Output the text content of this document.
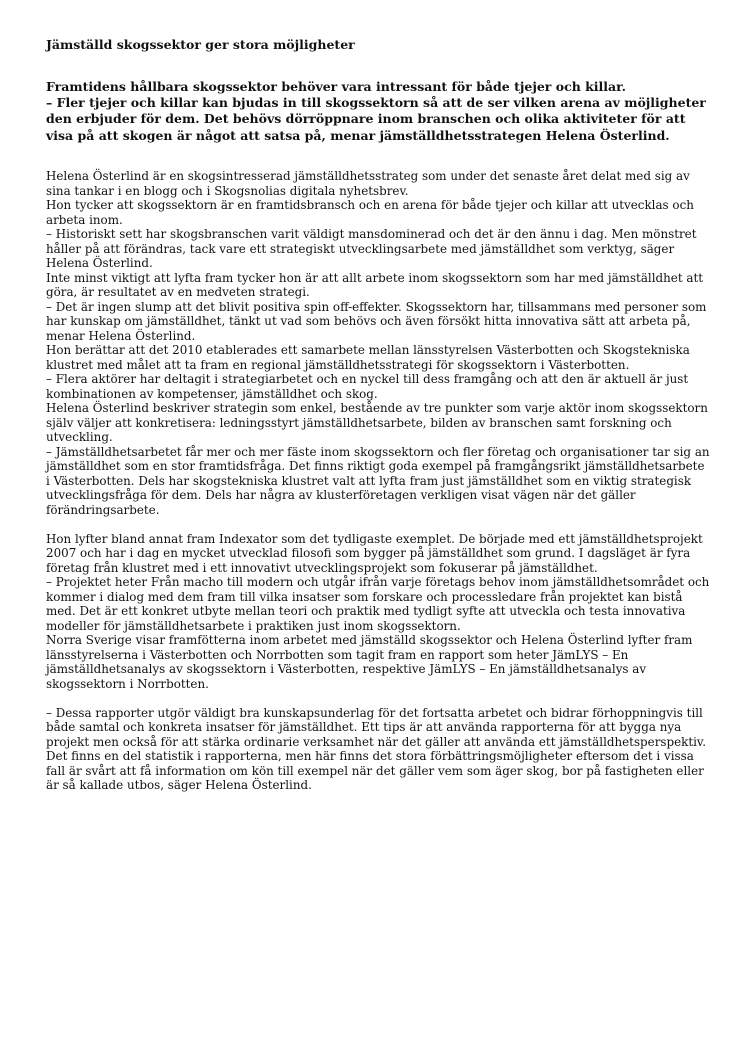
Jämställd skogssektor ger stora möjligheter

Framtidens hållbara skogssektor behöver vara intressant för både tjejer och killar.

– Fler tjejer och killar kan bjudas in till skogssektorn så att de ser vilken arena av möjligheter den erbjuder för dem. Det behövs dörröppnare inom branschen och olika aktiviteter för att visa på att skogen är något att satsa på, menar jämställdhetsstrategen Helena Österlind.

Helena Österlind är en skogsintresserad jämställdhetsstrateg som under det senaste året delat med sig av sina tankar i en blogg och i Skogsnolias digitala nyhetsbrev.

Hon tycker att skogssektorn är en framtidsbransch och en arena för både tjejer och killar att utvecklas och arbeta inom.

– Historiskt sett har skogsbranschen varit väldigt mansdominerad och det är den ännu i dag. Men mönstret håller på att förändras, tack vare ett strategiskt utvecklingsarbete med jämställdhet som verktyg, säger Helena Österlind.

Inte minst viktigt att lyfta fram tycker hon är att allt arbete inom skogssektorn som har med jämställdhet att göra, är resultatet av en medveten strategi.

– Det är ingen slump att det blivit positiva spin off-effekter. Skogssektorn har, tillsammans med personer som har kunskap om jämställdhet, tänkt ut vad som behövs och även försökt hitta innovativa sätt att arbeta på, menar Helena Österlind.

Hon berättar att det 2010 etablerades ett samarbete mellan länsstyrelsen Västerbotten och Skogstekniska klustret med målet att ta fram en regional jämställdhetsstrategi för skogssektorn i Västerbotten.

– Flera aktörer har deltagit i strategiarbetet och en nyckel till dess framgång och att den är aktuell är just kombinationen av kompetenser, jämställdhet och skog.

Helena Österlind beskriver strategin som enkel, bestående av tre punkter som varje aktör inom skogssektorn själv väljer att konkretisera: ledningsstyrt jämställdhetsarbete, bilden av branschen samt forskning och utveckling.

– Jämställdhetsarbetet får mer och mer fäste inom skogssektorn och fler företag och organisationer tar sig an jämställdhet som en stor framtidsfråga. Det finns riktigt goda exempel på framgångsrikt jämställdhetsarbete i Västerbotten. Dels har skogstekniska klustret valt att lyfta fram just jämställdhet som en viktig strategisk utvecklingsfråga för dem. Dels har några av klusterföretagen verkligen visat vägen när det gäller förändringsarbete.

Hon lyfter bland annat fram Indexator som det tydligaste exemplet. De började med ett jämställdhetsprojekt 2007 och har i dag en mycket utvecklad filosofi som bygger på jämställdhet som grund. I dagsläget är fyra företag från klustret med i ett innovativt utvecklingsprojekt som fokuserar på jämställdhet.

– Projektet heter Från macho till modern och utgår ifrån varje företags behov inom jämställdhetsområdet och kommer i dialog med dem fram till vilka insatser som forskare och processledare från projektet kan bistå med. Det är ett konkret utbyte mellan teori och praktik med tydligt syfte att utveckla och testa innovativa modeller för jämställdhetsarbete i praktiken just inom skogssektorn.

Norra Sverige visar framfötterna inom arbetet med jämställd skogssektor och Helena Österlind lyfter fram länsstyrelserna i Västerbotten och Norrbotten som tagit fram en rapport som heter JämLYS – En jämställdhetsanalys av skogssektorn i Västerbotten, respektive JämLYS – En jämställdhetsanalys av skogssektorn i Norrbotten.

– Dessa rapporter utgör väldigt bra kunskapsunderlag för det fortsatta arbetet och bidrar förhoppningvis till både samtal och konkreta insatser för jämställdhet. Ett tips är att använda rapporterna för att bygga nya projekt men också för att stärka ordinarie verksamhet när det gäller att använda ett jämställdhetsperspektiv. Det finns en del statistik i rapporterna, men här finns det stora förbättringsmöjligheter eftersom det i vissa fall är svårt att få information om kön till exempel när det gäller vem som äger skog, bor på fastigheten eller är så kallade utbos, säger Helena Österlind.
